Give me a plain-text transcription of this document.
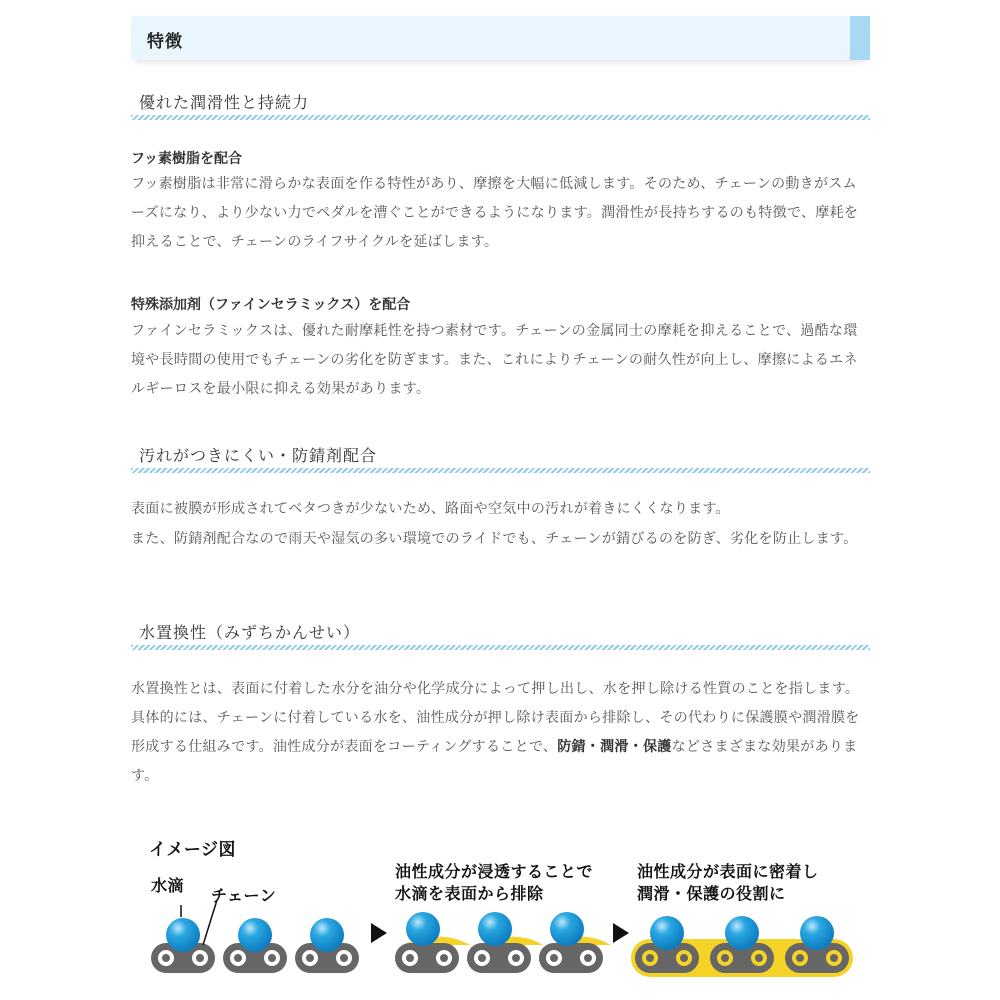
特徴
優れた潤滑性と持続力
フッ素樹脂を配合
フッ素樹脂は非常に滑らかな表面を作る特性があり、摩擦を大幅に低減します。そのため、チェーンの動きがスムーズになり、より少ない力でペダルを漕ぐことができるようになります。潤滑性が長持ちするのも特徴で、摩耗を抑えることで、チェーンのライフサイクルを延ばします。
特殊添加剤（ファインセラミックス）を配合
ファインセラミックスは、優れた耐摩耗性を持つ素材です。チェーンの金属同士の摩耗を抑えることで、過酷な環境や長時間の使用でもチェーンの劣化を防ぎます。また、これによりチェーンの耐久性が向上し、摩擦によるエネルギーロスを最小限に抑える効果があります。
汚れがつきにくい・防錆剤配合
表面に被膜が形成されてベタつきが少ないため、路面や空気中の汚れが着きにくくなります。
また、防錆剤配合なので雨天や湿気の多い環境でのライドでも、チェーンが錆びるのを防ぎ、劣化を防止します。
水置換性（みずちかんせい）
水置換性とは、表面に付着した水分を油分や化学成分によって押し出し、水を押し除ける性質のことを指します。具体的には、チェーンに付着している水を、油性成分が押し除け表面から排除し、その代わりに保護膜や潤滑膜を形成する仕組みです。油性成分が表面をコーティングすることで、防錆・潤滑・保護などさまざまな効果があります。
イメージ図
水滴
チェーン
油性成分が浸透することで
水滴を表面から排除
油性成分が表面に密着し
潤滑・保護の役割に
